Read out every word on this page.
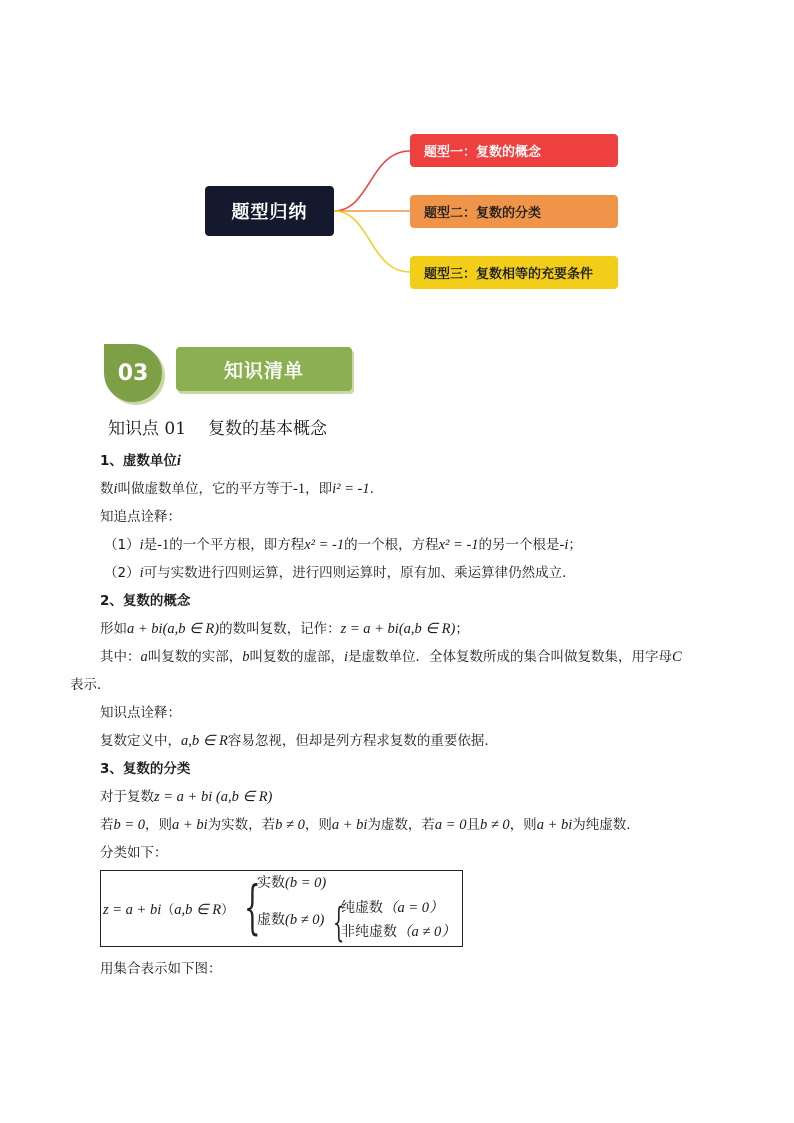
题型归纳
题型一：复数的概念
题型二：复数的分类
题型三：复数相等的充要条件
知识清单
03
知识点 01 复数的基本概念
1、虚数单位i
数i叫做虚数单位，它的平方等于-1，即i² = -1.
知追点诠释：
（1）i是-1的一个平方根，即方程x² = -1的一个根，方程x² = -1的另一个根是-i；
（2）i可与实数进行四则运算，进行四则运算时，原有加、乘运算律仍然成立．
2、复数的概念
形如a + bi(a,b ∈ R)的数叫复数，记作：z = a + bi(a,b ∈ R)；
其中：a叫复数的实部，b叫复数的虚部，i是虚数单位．全体复数所成的集合叫做复数集，用字母C
表示．
知识点诠释：
复数定义中，a,b ∈ R容易忽视，但却是列方程求复数的重要依据．
3、复数的分类
对于复数z = a + bi (a,b ∈ R)
若b = 0，则a + bi为实数，若b ≠ 0，则a + bi为虚数，若a = 0且b ≠ 0，则a + bi为纯虚数．
分类如下：
z = a + bi（a,b ∈ R） {
实数(b = 0)
虚数(b ≠ 0) {
纯虚数（a = 0）
非纯虚数（a ≠ 0）
用集合表示如下图：
